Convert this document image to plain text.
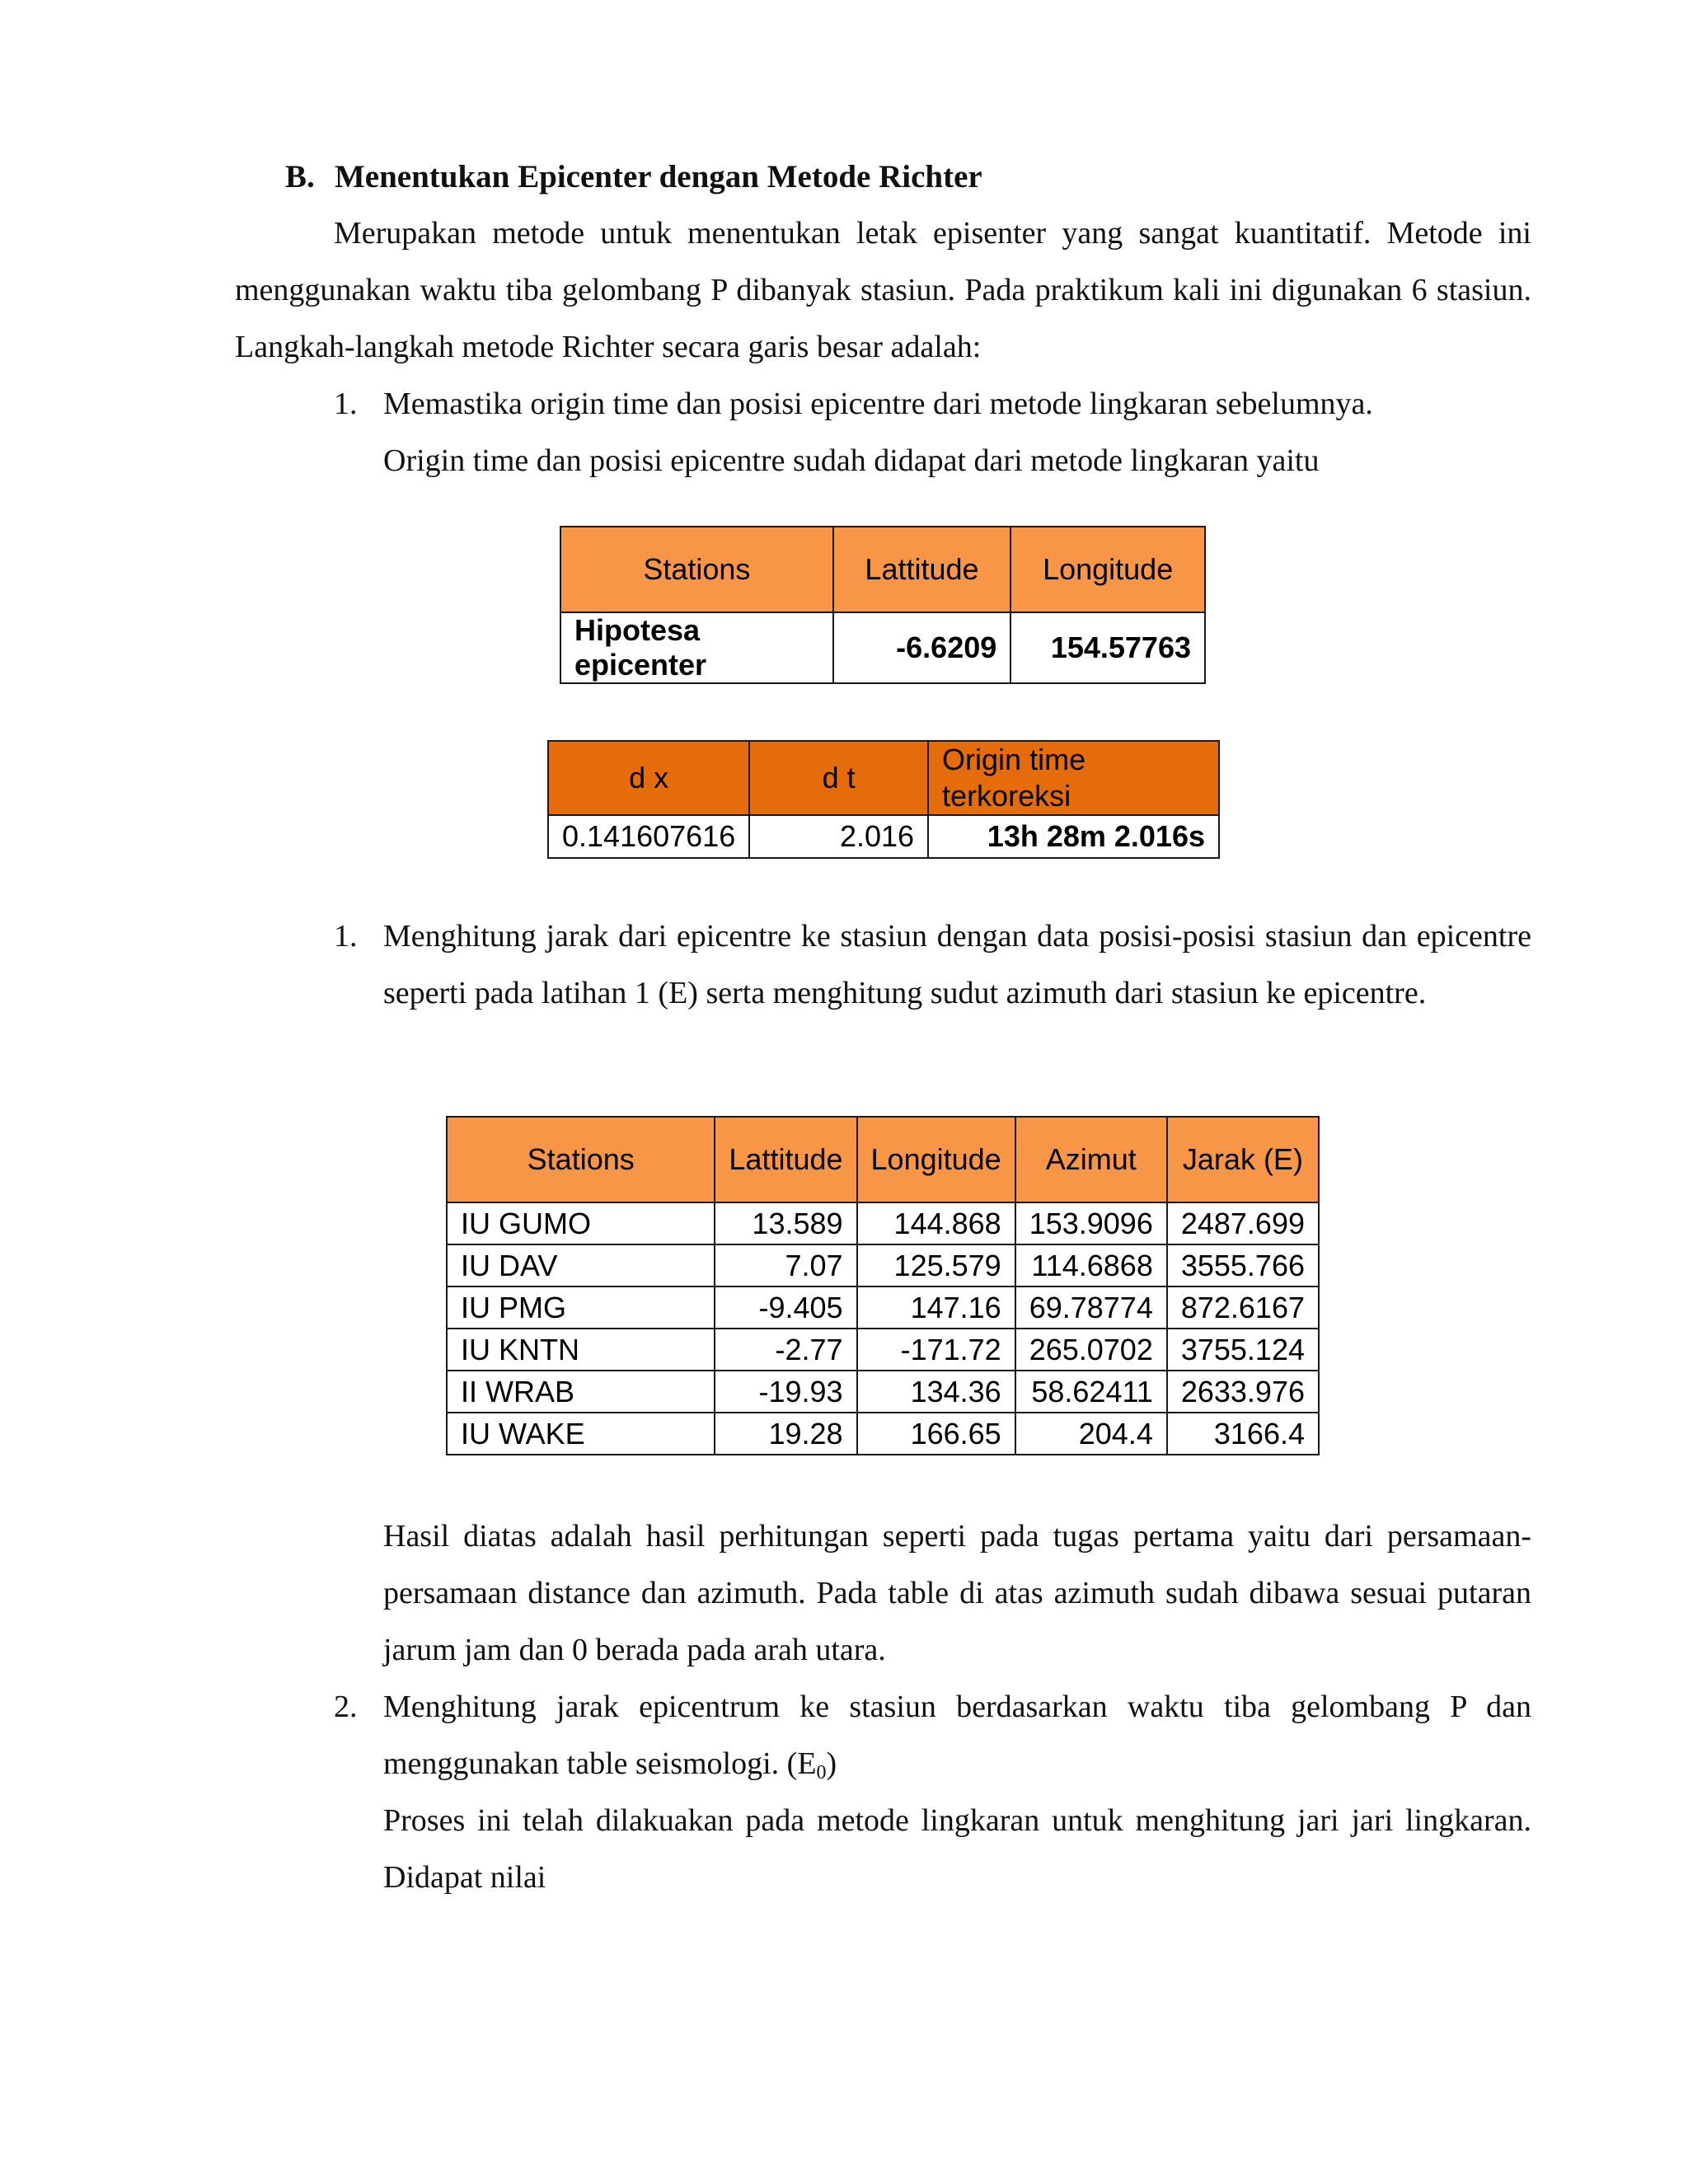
B. Menentukan Epicenter dengan Metode Richter
Merupakan metode untuk menentukan letak episenter yang sangat kuantitatif. Metode ini menggunakan waktu tiba gelombang P dibanyak stasiun. Pada praktikum kali ini digunakan 6 stasiun. Langkah-langkah metode Richter secara garis besar adalah:
1. Memastika origin time dan posisi epicentre dari metode lingkaran sebelumnya.
Origin time dan posisi epicentre sudah didapat dari metode lingkaran yaitu
Stations	Lattitude	Longitude
Hipotesa epicenter	-6.6209	154.57763
d x	d t	Origin time
terkoreksi
0.141607616	2.016	13h 28m 2.016s
1. Menghitung jarak dari epicentre ke stasiun dengan data posisi-posisi stasiun dan epicentre seperti pada latihan 1 (E) serta menghitung sudut azimuth dari stasiun ke epicentre.
Stations	Lattitude	Longitude	Azimut	Jarak (E)
IU GUMO	13.589	144.868	153.9096	2487.699
IU DAV	7.07	125.579	114.6868	3555.766
IU PMG	-9.405	147.16	69.78774	872.6167
IU KNTN	-2.77	-171.72	265.0702	3755.124
II WRAB	-19.93	134.36	58.62411	2633.976
IU WAKE	19.28	166.65	204.4	3166.4
Hasil diatas adalah hasil perhitungan seperti pada tugas pertama yaitu dari persamaan-persamaan distance dan azimuth. Pada table di atas azimuth sudah dibawa sesuai putaran jarum jam dan 0 berada pada arah utara.
2. Menghitung jarak epicentrum ke stasiun berdasarkan waktu tiba gelombang P dan menggunakan table seismologi. $(E_0)$
Proses ini telah dilakuakan pada metode lingkaran untuk menghitung jari jari lingkaran. Didapat nilai
